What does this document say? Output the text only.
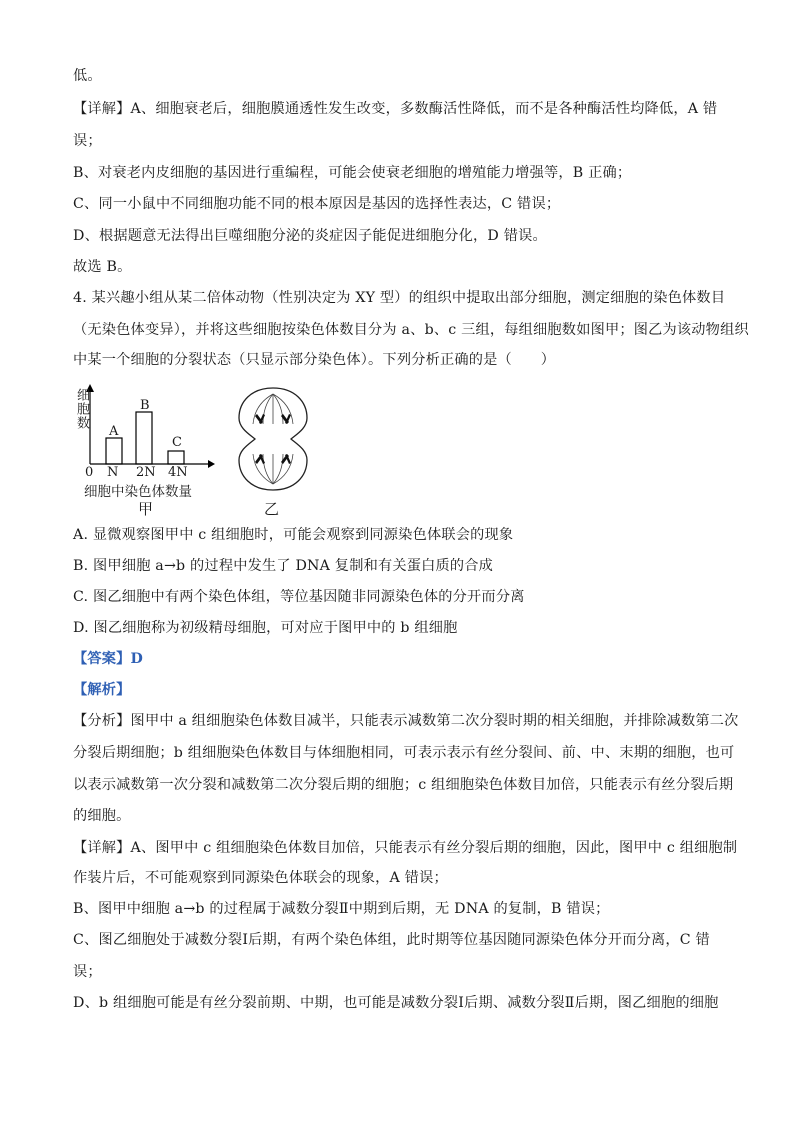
低。
【详解】A、细胞衰老后，细胞膜通透性发生改变，多数酶活性降低，而不是各种酶活性均降低，A 错
误；
B、对衰老内皮细胞的基因进行重编程，可能会使衰老细胞的增殖能力增强等，B 正确；
C、同一小鼠中不同细胞功能不同的根本原因是基因的选择性表达，C 错误；
D、根据题意无法得出巨噬细胞分泌的炎症因子能促进细胞分化，D 错误。
故选 B。
4. 某兴趣小组从某二倍体动物（性别决定为 XY 型）的组织中提取出部分细胞，测定细胞的染色体数目
（无染色体变异），并将这些细胞按染色体数目分为 a、b、c 三组，每组细胞数如图甲；图乙为该动物组织
中某一个细胞的分裂状态（只显示部分染色体）。下列分析正确的是（　　）
细胞数
0 N 2N 4N
A
B
C
细胞中染色体数量
甲	乙
A. 显微观察图甲中 c 组细胞时，可能会观察到同源染色体联会的现象
B. 图甲细胞 a→b 的过程中发生了 DNA 复制和有关蛋白质的合成
C. 图乙细胞中有两个染色体组，等位基因随非同源染色体的分开而分离
D. 图乙细胞称为初级精母细胞，可对应于图甲中的 b 组细胞
【答案】D
【解析】
【分析】图甲中 a 组细胞染色体数目减半，只能表示减数第二次分裂时期的相关细胞，并排除减数第二次
分裂后期细胞；b 组细胞染色体数目与体细胞相同，可表示表示有丝分裂间、前、中、末期的细胞，也可
以表示减数第一次分裂和减数第二次分裂后期的细胞；c 组细胞染色体数目加倍，只能表示有丝分裂后期
的细胞。
【详解】A、图甲中 c 组细胞染色体数目加倍，只能表示有丝分裂后期的细胞，因此，图甲中 c 组细胞制
作装片后，不可能观察到同源染色体联会的现象，A 错误；
B、图甲中细胞 a→b 的过程属于减数分裂Ⅱ中期到后期，无 DNA 的复制，B 错误；
C、图乙细胞处于减数分裂Ⅰ后期，有两个染色体组，此时期等位基因随同源染色体分开而分离，C 错
误；
D、b 组细胞可能是有丝分裂前期、中期，也可能是减数分裂Ⅰ后期、减数分裂Ⅱ后期，图乙细胞的细胞
